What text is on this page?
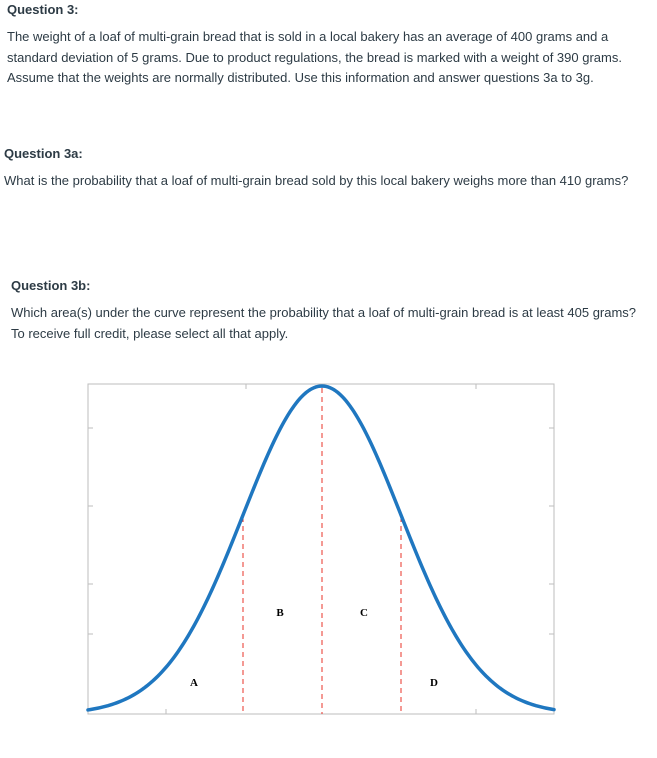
Question 3:
The weight of a loaf of multi-grain bread that is sold in a local bakery has an average of 400 grams and a standard deviation of 5 grams. Due to product regulations, the bread is marked with a weight of 390 grams. Assume that the weights are normally distributed. Use this information and answer questions 3a to 3g.
Question 3a:
What is the probability that a loaf of multi-grain bread sold by this local bakery weighs more than 410 grams?
Question 3b:
Which area(s) under the curve represent the probability that a loaf of multi-grain bread is at least 405 grams? To receive full credit, please select all that apply.
A
B	C
D
